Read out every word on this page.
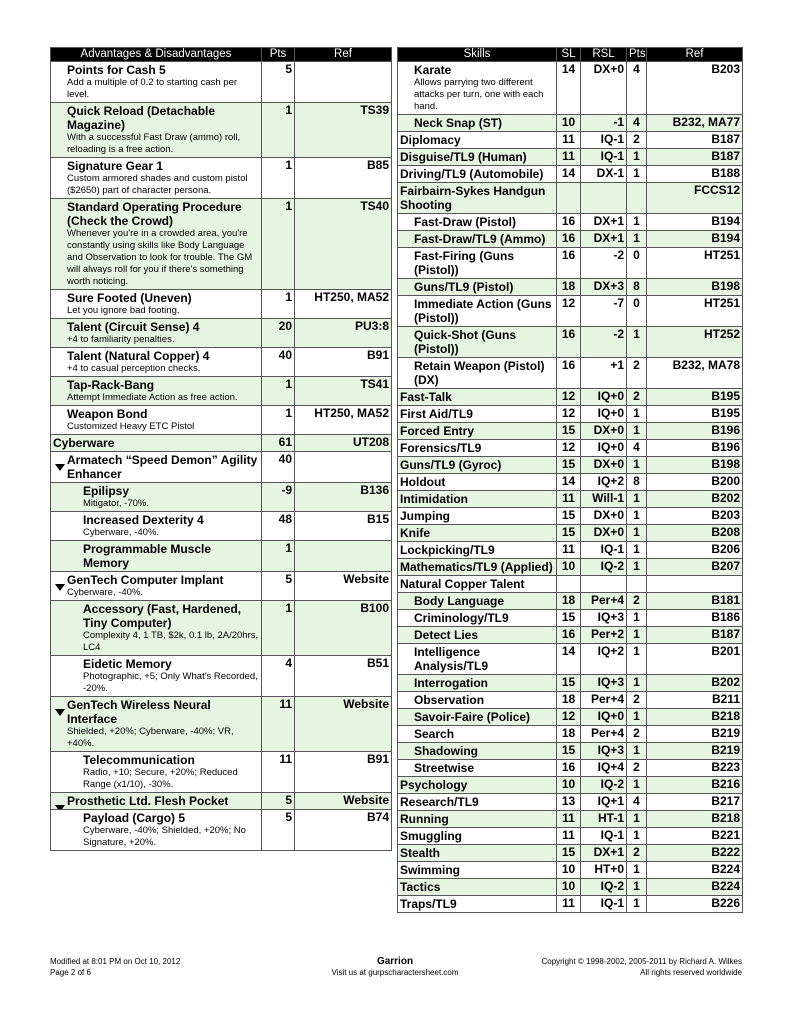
Advantages & Disadvantages	Pts	Ref

Points for Cash 5
Add a multiple of 0.2 to starting cash per level.	5	

Quick Reload (Detachable Magazine)
With a successful Fast Draw (ammo) roll, reloading is a free action.	1	TS39

Signature Gear 1
Custom armored shades and custom pistol ($2650) part of character persona.	1	B85

Standard Operating Procedure (Check the Crowd)
Whenever you're in a crowded area, you're constantly using skills like Body Language and Observation to look for trouble. The GM will always roll for you if there's something worth noticing.	1	TS40

Sure Footed (Uneven)
Let you ignore bad footing.	1	HT250, MA52

Talent (Circuit Sense) 4
+4 to familiarity penalties.	20	PU3:8

Talent (Natural Copper) 4
+4 to casual perception checks.	40	B91

Tap-Rack-Bang
Attempt Immediate Action as free action.	1	TS41

Weapon Bond
Customized Heavy ETC Pistol	1	HT250, MA52

Cyberware	61	UT208

Armatech “Speed Demon” Agility Enhancer	40	

Epilipsy
Mitigator, -70%.	-9	B136

Increased Dexterity 4
Cyberware, -40%.	48	B15

Programmable Muscle Memory	1	

GenTech Computer Implant
Cyberware, -40%.	5	Website

Accessory (Fast, Hardened, Tiny Computer)
Complexity 4, 1 TB, $2k, 0.1 lb, 2A/20hrs, LC4	1	B100

Eidetic Memory
Photographic, +5; Only What's Recorded, -20%.	4	B51

GenTech Wireless Neural Interface
Shielded, +20%; Cyberware, -40%; VR, +40%.	11	Website

Telecommunication
Radio, +10; Secure, +20%; Reduced Range (x1/10), -30%.	11	B91

Prosthetic Ltd. Flesh Pocket	5	Website

Payload (Cargo) 5
Cyberware, -40%; Shielded, +20%; No Signature, +20%.	5	B74
Skills	SL	RSL	Pts	Ref

Karate
Allows parrying two different attacks per turn, one with each hand.	14	DX+0	4	B203

Neck Snap (ST)	10	-1	4	B232, MA77

Diplomacy	11	IQ-1	2	B187

Disguise/TL9 (Human)	11	IQ-1	1	B187

Driving/TL9 (Automobile)	14	DX-1	1	B188

Fairbairn-Sykes Handgun Shooting				FCCS12

Fast-Draw (Pistol)	16	DX+1	1	B194

Fast-Draw/TL9 (Ammo)	16	DX+1	1	B194

Fast-Firing (Guns (Pistol))	16	-2	0	HT251

Guns/TL9 (Pistol)	18	DX+3	8	B198

Immediate Action (Guns (Pistol))	12	-7	0	HT251

Quick-Shot (Guns (Pistol))	16	-2	1	HT252

Retain Weapon (Pistol) (DX)	16	+1	2	B232, MA78

Fast-Talk	12	IQ+0	2	B195

First Aid/TL9	12	IQ+0	1	B195

Forced Entry	15	DX+0	1	B196

Forensics/TL9	12	IQ+0	4	B196

Guns/TL9 (Gyroc)	15	DX+0	1	B198

Holdout	14	IQ+2	8	B200

Intimidation	11	Will-1	1	B202

Jumping	15	DX+0	1	B203

Knife	15	DX+0	1	B208

Lockpicking/TL9	11	IQ-1	1	B206

Mathematics/TL9 (Applied)	10	IQ-2	1	B207

Natural Copper Talent				

Body Language	18	Per+4	2	B181

Criminology/TL9	15	IQ+3	1	B186

Detect Lies	16	Per+2	1	B187

Intelligence Analysis/TL9	14	IQ+2	1	B201

Interrogation	15	IQ+3	1	B202

Observation	18	Per+4	2	B211

Savoir-Faire (Police)	12	IQ+0	1	B218

Search	18	Per+4	2	B219

Shadowing	15	IQ+3	1	B219

Streetwise	16	IQ+4	2	B223

Psychology	10	IQ-2	1	B216

Research/TL9	13	IQ+1	4	B217

Running	11	HT-1	1	B218

Smuggling	11	IQ-1	1	B221

Stealth	15	DX+1	2	B222

Swimming	10	HT+0	1	B224

Tactics	10	IQ-2	1	B224

Traps/TL9	11	IQ-1	1	B226
Modified at 8:01 PM on Oct 10, 2012
Page 2 of 6
Garrion
Visit us at gurpscharactersheet.com
Copyright © 1998-2002, 2005-2011 by Richard A. Wilkes
All rights reserved worldwide
